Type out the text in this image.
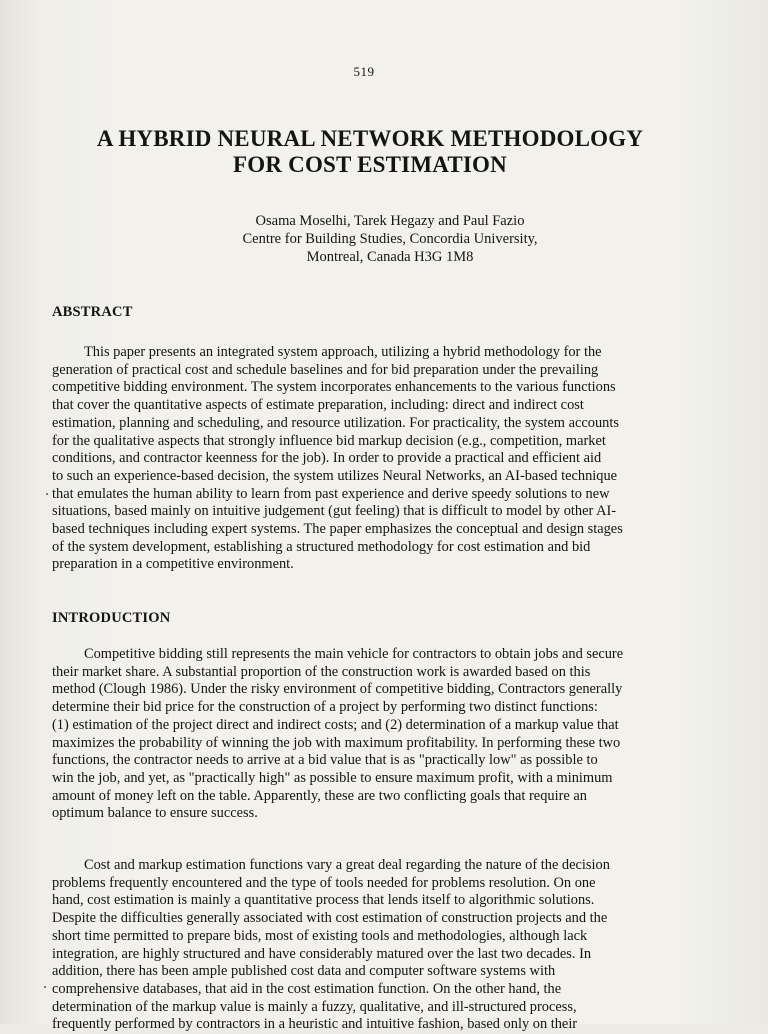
519
A HYBRID NEURAL NETWORK METHODOLOGY
FOR COST ESTIMATION
Osama Moselhi, Tarek Hegazy and Paul Fazio
Centre for Building Studies, Concordia University,
Montreal, Canada H3G 1M8
ABSTRACT
This paper presents an integrated system approach, utilizing a hybrid methodology for the
generation of practical cost and schedule baselines and for bid preparation under the prevailing
competitive bidding environment. The system incorporates enhancements to the various functions
that cover the quantitative aspects of estimate preparation, including: direct and indirect cost
estimation, planning and scheduling, and resource utilization. For practicality, the system accounts
for the qualitative aspects that strongly influence bid markup decision (e.g., competition, market
conditions, and contractor keenness for the job). In order to provide a practical and efficient aid
to such an experience-based decision, the system utilizes Neural Networks, an AI-based technique
that emulates the human ability to learn from past experience and derive speedy solutions to new
situations, based mainly on intuitive judgement (gut feeling) that is difficult to model by other AI-
based techniques including expert systems. The paper emphasizes the conceptual and design stages
of the system development, establishing a structured methodology for cost estimation and bid
preparation in a competitive environment.
INTRODUCTION
Competitive bidding still represents the main vehicle for contractors to obtain jobs and secure
their market share. A substantial proportion of the construction work is awarded based on this
method (Clough 1986). Under the risky environment of competitive bidding, Contractors generally
determine their bid price for the construction of a project by performing two distinct functions:
(1) estimation of the project direct and indirect costs; and (2) determination of a markup value that
maximizes the probability of winning the job with maximum profitability. In performing these two
functions, the contractor needs to arrive at a bid value that is as "practically low" as possible to
win the job, and yet, as "practically high" as possible to ensure maximum profit, with a minimum
amount of money left on the table. Apparently, these are two conflicting goals that require an
optimum balance to ensure success.
Cost and markup estimation functions vary a great deal regarding the nature of the decision
problems frequently encountered and the type of tools needed for problems resolution. On one
hand, cost estimation is mainly a quantitative process that lends itself to algorithmic solutions.
Despite the difficulties generally associated with cost estimation of construction projects and the
short time permitted to prepare bids, most of existing tools and methodologies, although lack
integration, are highly structured and have considerably matured over the last two decades. In
addition, there has been ample published cost data and computer software systems with
comprehensive databases, that aid in the cost estimation function. On the other hand, the
determination of the markup value is mainly a fuzzy, qualitative, and ill-structured process,
frequently performed by contractors in a heuristic and intuitive fashion, based only on their
